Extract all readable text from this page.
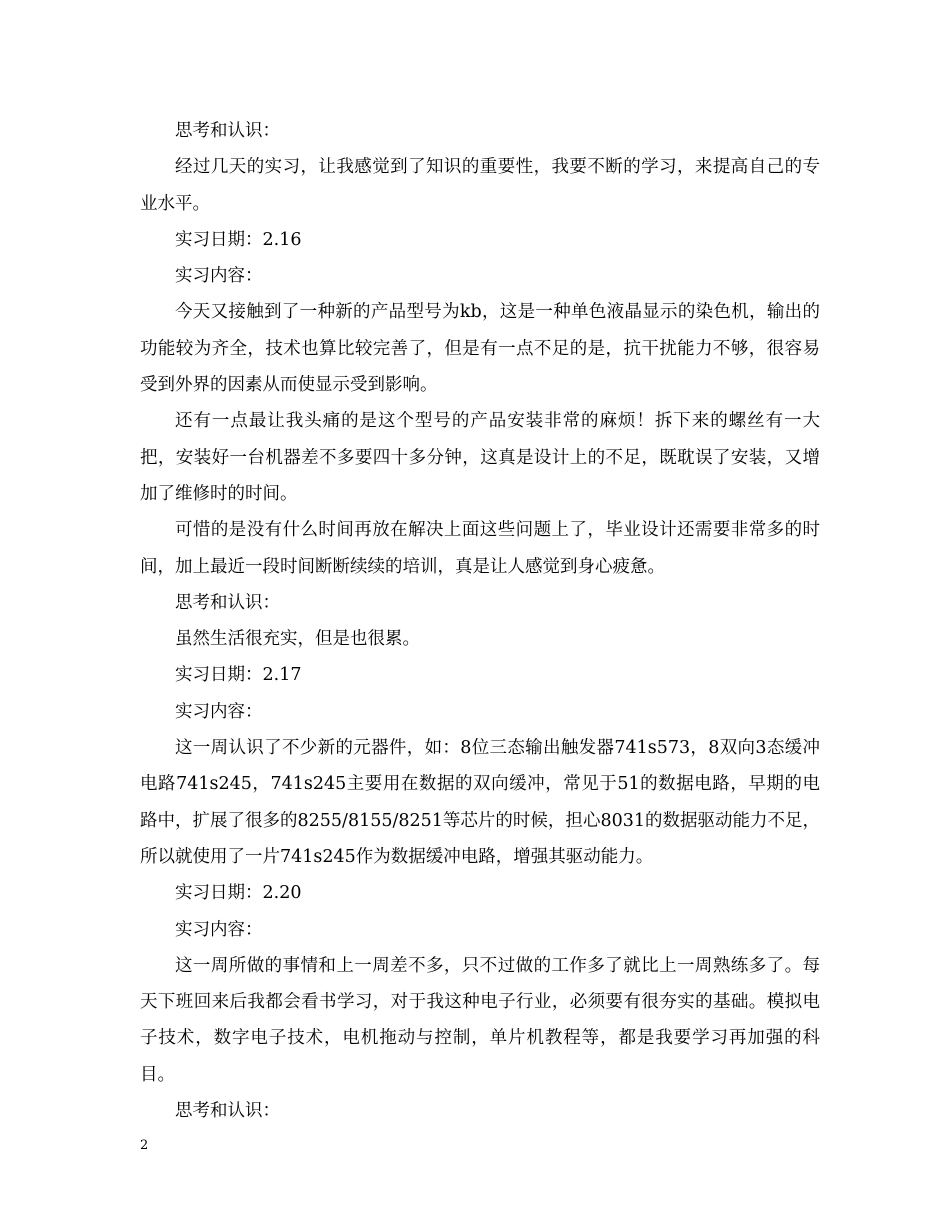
思考和认识：

经过几天的实习，让我感觉到了知识的重要性，我要不断的学习，来提高自己的专业水平。

实习日期：2.16

实习内容：

今天又接触到了一种新的产品型号为kb，这是一种单色液晶显示的染色机，输出的功能较为齐全，技术也算比较完善了，但是有一点不足的是，抗干扰能力不够，很容易受到外界的因素从而使显示受到影响。

还有一点最让我头痛的是这个型号的产品安装非常的麻烦！拆下来的螺丝有一大把，安装好一台机器差不多要四十多分钟，这真是设计上的不足，既耽误了安装，又增加了维修时的时间。

可惜的是没有什么时间再放在解决上面这些问题上了，毕业设计还需要非常多的时间，加上最近一段时间断断续续的培训，真是让人感觉到身心疲惫。

思考和认识：

虽然生活很充实，但是也很累。

实习日期：2.17

实习内容：

这一周认识了不少新的元器件，如：8位三态输出触发器741s573，8双向3态缓冲电路741s245，741s245主要用在数据的双向缓冲，常见于51的数据电路，早期的电路中，扩展了很多的8255/8155/8251等芯片的时候，担心8031的数据驱动能力不足，所以就使用了一片741s245作为数据缓冲电路，增强其驱动能力。

实习日期：2.20

实习内容：

这一周所做的事情和上一周差不多，只不过做的工作多了就比上一周熟练多了。每天下班回来后我都会看书学习，对于我这种电子行业，必须要有很夯实的基础。模拟电子技术，数字电子技术，电机拖动与控制，单片机教程等，都是我要学习再加强的科目。

思考和认识：

2
